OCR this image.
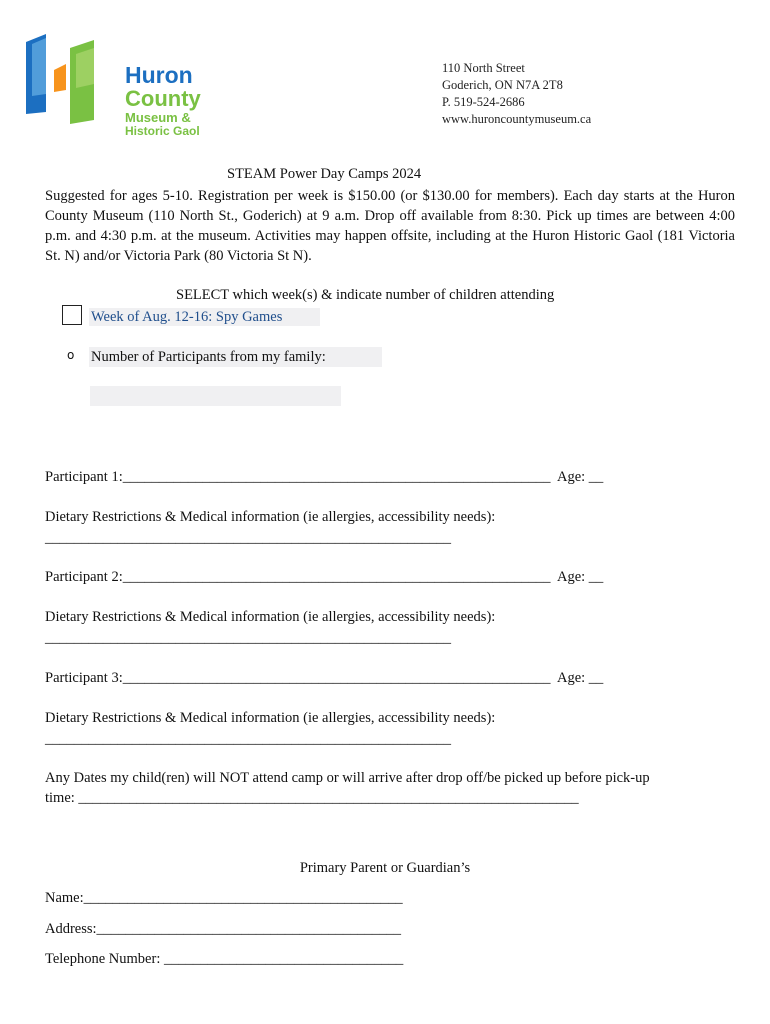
Huron
County
Museum &
Historic Gaol
110 North Street
Goderich, ON N7A 2T8
P. 519-524-2686
www.huroncountymuseum.ca
STEAM Power Day Camps 2024
Suggested for ages 5-10. Registration per week is $150.00 (or $130.00 for members). Each day starts at the Huron County Museum (110 North St., Goderich) at 9 a.m. Drop off available from 8:30. Pick up times are between 4:00 p.m. and 4:30 p.m. at the museum. Activities may happen offsite, including at the Huron Historic Gaol (181 Victoria St. N) and/or Victoria Park (80 Victoria St N).
SELECT which week(s) & indicate number of children attending
Week of Aug. 12-16: Spy Games
o Number of Participants from my family:
Participant 1:___________________________________________________________ Age: __
Dietary Restrictions & Medical information (ie allergies, accessibility needs):
________________________________________________________
Participant 2:___________________________________________________________ Age: __
Dietary Restrictions & Medical information (ie allergies, accessibility needs):
________________________________________________________
Participant 3:___________________________________________________________ Age: __
Dietary Restrictions & Medical information (ie allergies, accessibility needs):
________________________________________________________
Any Dates my child(ren) will NOT attend camp or will arrive after drop off/be picked up before pick-up
time: _____________________________________________________________________
Primary Parent or Guardian’s
Name:____________________________________________
Address:__________________________________________
Telephone Number: _________________________________
